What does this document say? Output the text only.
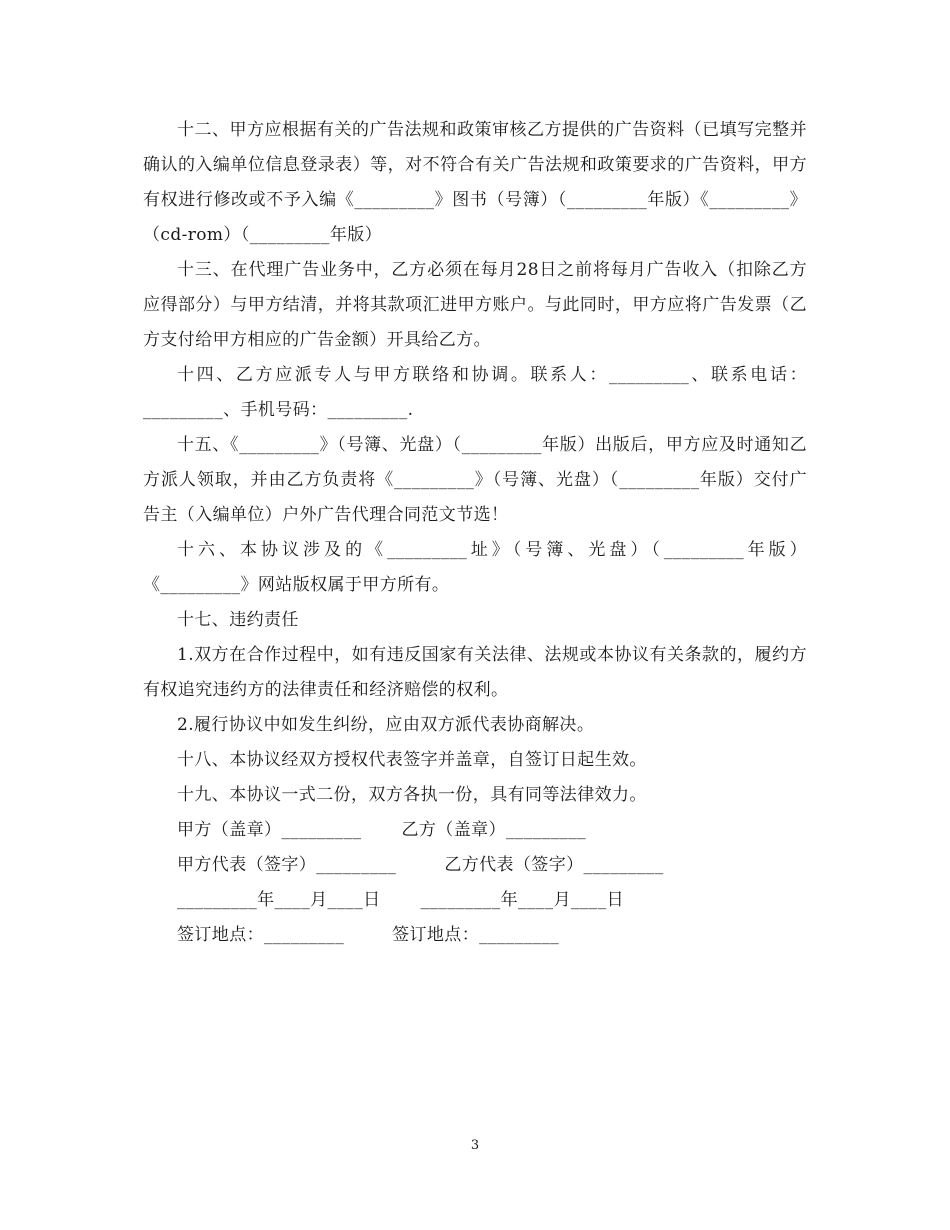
十二、甲方应根据有关的广告法规和政策审核乙方提供的广告资料（已填写完整并确认的入编单位信息登录表）等，对不符合有关广告法规和政策要求的广告资料，甲方有权进行修改或不予入编《_________》图书（号簿）（_________年版）《_________》（cd-rom）（_________年版）

十三、在代理广告业务中，乙方必须在每月28日之前将每月广告收入（扣除乙方应得部分）与甲方结清，并将其款项汇进甲方账户。与此同时，甲方应将广告发票（乙方支付给甲方相应的广告金额）开具给乙方。

十四、乙方应派专人与甲方联络和协调。联系人：_________、联系电话：_________、手机号码：_________.

十五、《_________》（号簿、光盘）（_________年版）出版后，甲方应及时通知乙方派人领取，并由乙方负责将《_________》（号簿、光盘）（_________年版）交付广告主（入编单位）户外广告代理合同范文节选！

十六、本协议涉及的《_________址》（号簿、光盘）（_________年版）《_________》网站版权属于甲方所有。

十七、违约责任

1.双方在合作过程中，如有违反国家有关法律、法规或本协议有关条款的，履约方有权追究违约方的法律责任和经济赔偿的权利。

2.履行协议中如发生纠纷，应由双方派代表协商解决。

十八、本协议经双方授权代表签字并盖章，自签订日起生效。

十九、本协议一式二份，双方各执一份，具有同等法律效力。

甲方（盖章）_________ 乙方（盖章）_________
甲方代表（签字）_________	乙方代表（签字）_________
_________年____月____日 _________年____月____日
签订地点：_________	签订地点：_________
3
